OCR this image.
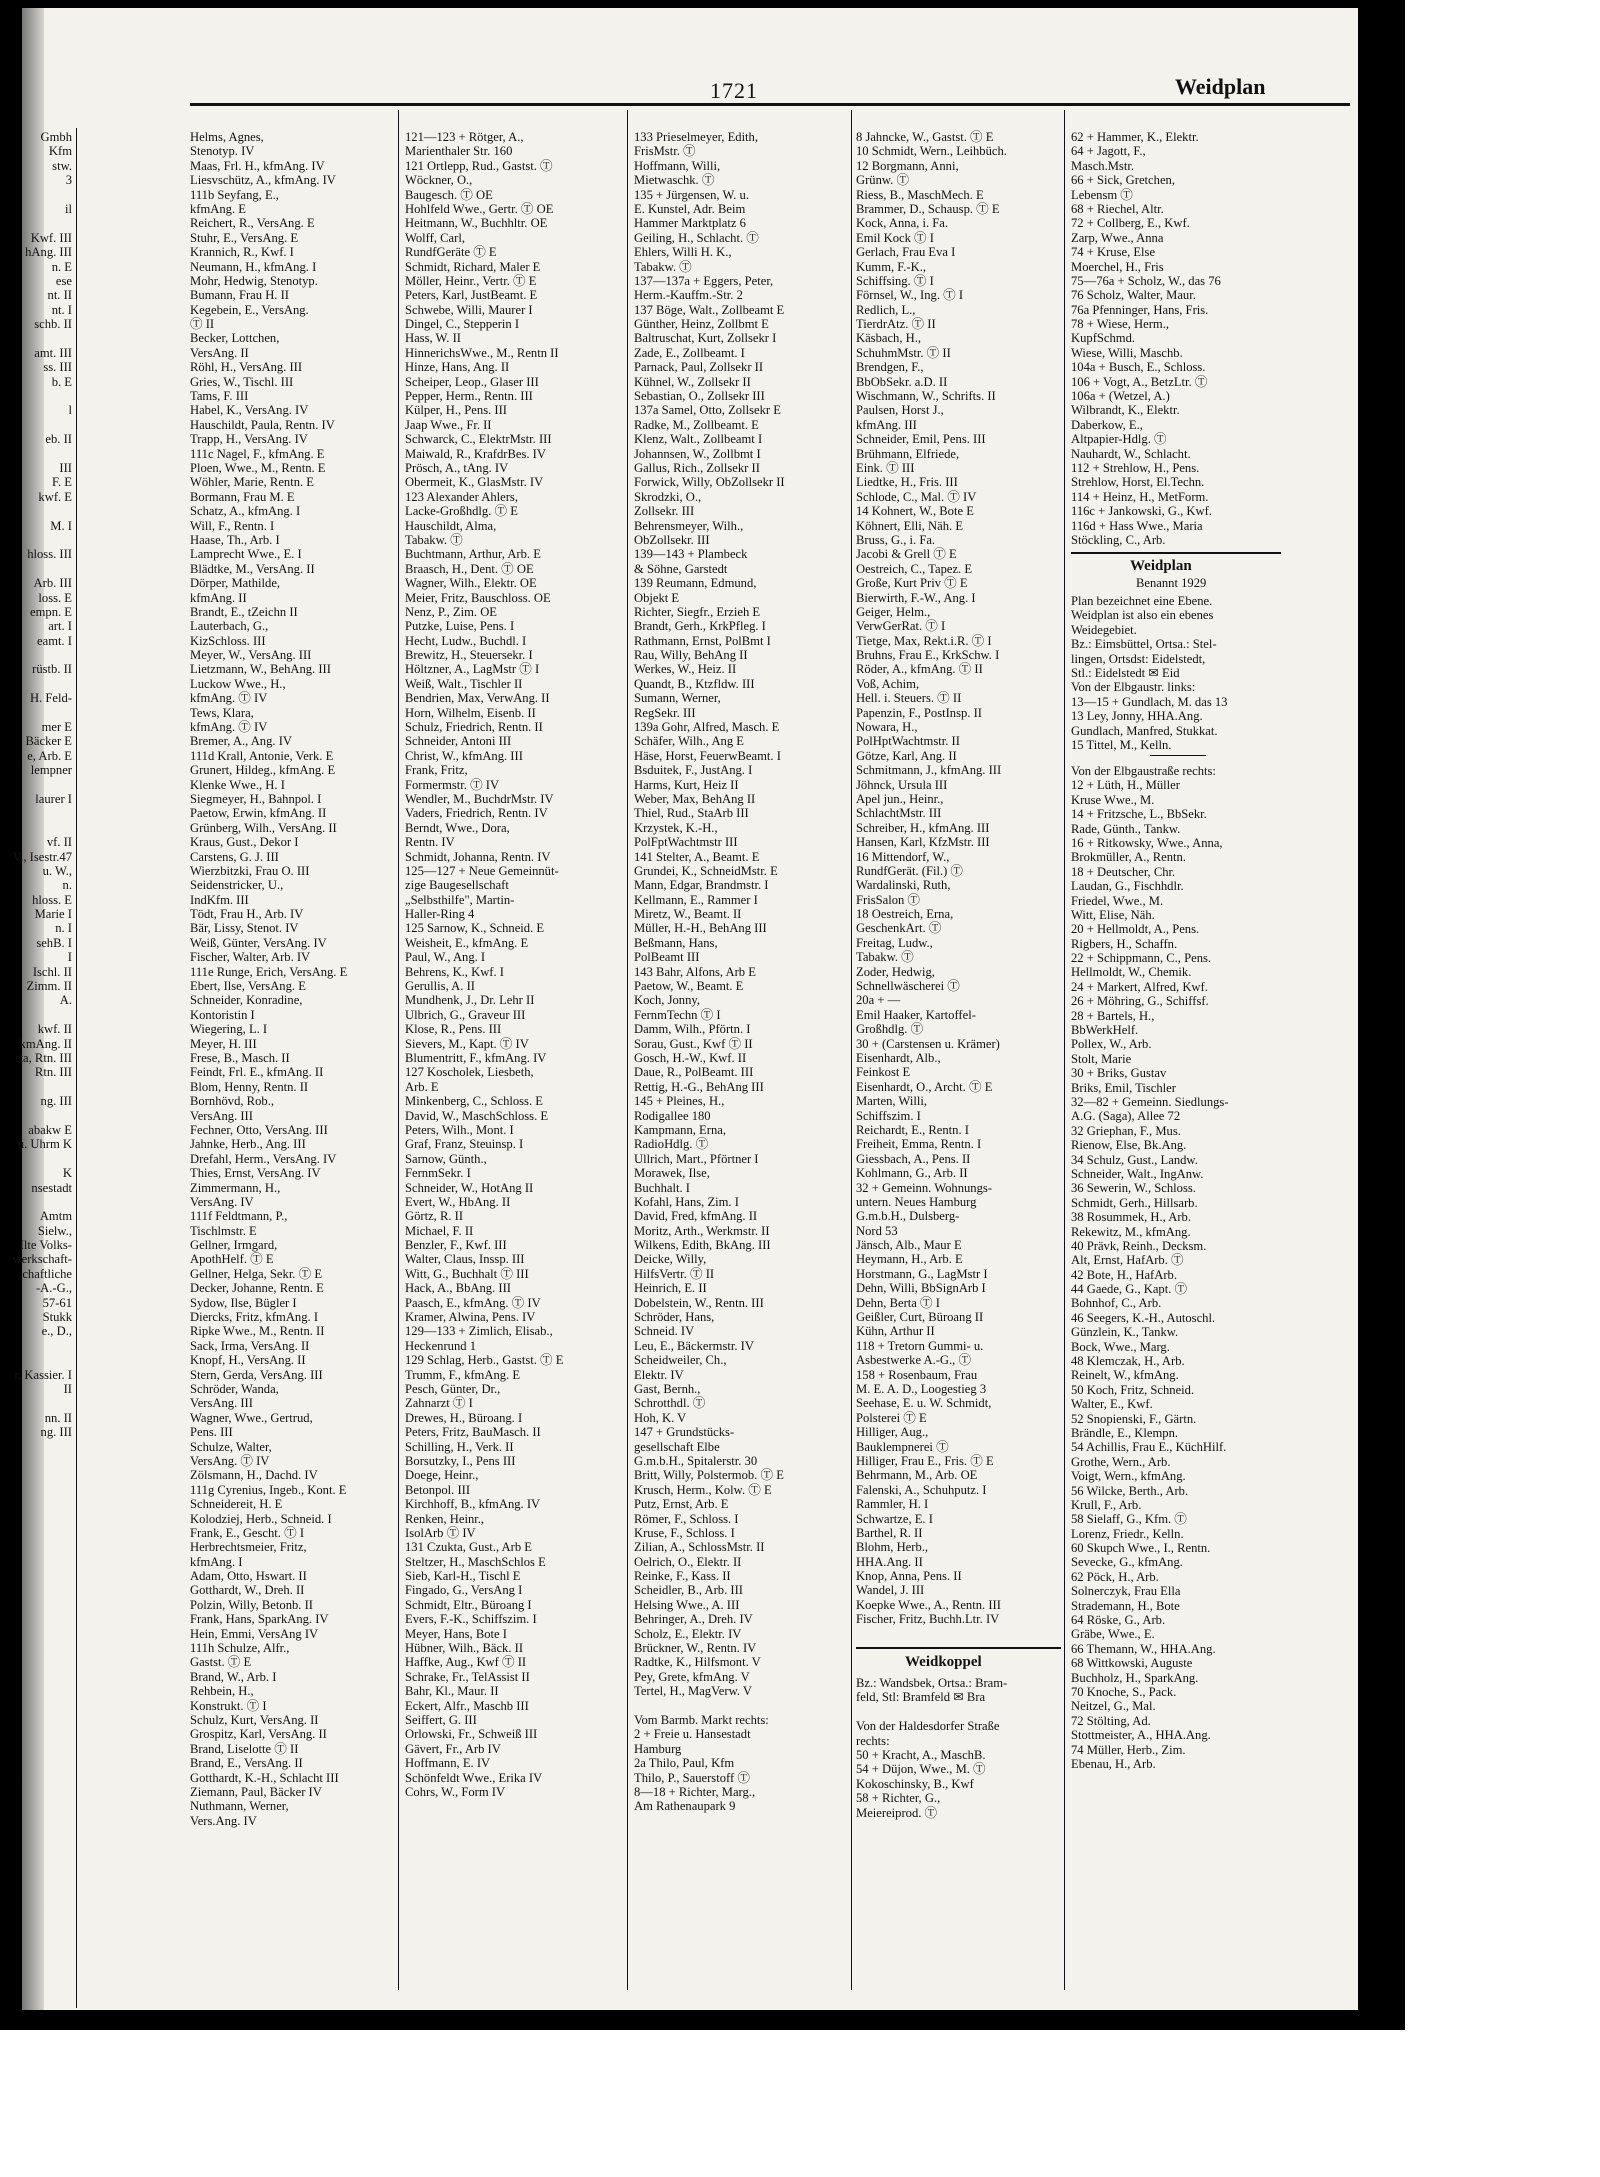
1721	Weidplan
Gmbh
Kfm
stw.
3
il
Kwf. III
hAng. III
n. E
ese
nt. II
nt. I
schb. II
amt. III
ss. III
b. E
l
eb. II
III
F. E
kwf. E
M. I
hloss. III
Arb. III
loss. E
empn. E
art. I
eamt. I
rüstb. II
H. Feld-
mer E
Bäcker E
e, Arb. E
lempner
laurer I
vf. II
V., Isestr.47
u. W.,
n.
hloss. E
Marie I
n. I
sehB. I
I
Ischl. II
Zimm. II
A.
kwf. II
kmAng. II
rta, Rtn. III
Rtn. III
ng. III
abakw E
u. Uhrm K
K
nsestadt
Amtm
Sielw.,
Ilte Volks-
werkschaft-
chaftliche
-A.-G.,
57-61
Stukk
e., D.,
r, Kassier. I
II
nn. II
ng. III
Helms, Agnes,
Stenotyp. IV
Maas, Frl. H., kfmAng. IV
Liesvschütz, A., kfmAng. IV
111b Seyfang, E.,
kfmAng. E
Reichert, R., VersAng. E
Stuhr, E., VersAng. E
Krannich, R., Kwf. I
Neumann, H., kfmAng. I
Mohr, Hedwig, Stenotyp.
Bumann, Frau H. II
Kegebein, E., VersAng.
Ⓣ II
Becker, Lottchen,
VersAng. II
Röhl, H., VersAng. III
Gries, W., Tischl. III
Tams, F. III
Habel, K., VersAng. IV
Hauschildt, Paula, Rentn. IV
Trapp, H., VersAng. IV
111c Nagel, F., kfmAng. E
Ploen, Wwe., M., Rentn. E
Wöhler, Marie, Rentn. E
Bormann, Frau M. E
Schatz, A., kfmAng. I
Will, F., Rentn. I
Haase, Th., Arb. I
Lamprecht Wwe., E. I
Blädtke, M., VersAng. II
Dörper, Mathilde,
kfmAng. II
Brandt, E., tZeichn II
Lauterbach, G.,
KizSchloss. III
Meyer, W., VersAng. III
Lietzmann, W., BehAng. III
Luckow Wwe., H.,
kfmAng. Ⓣ IV
Tews, Klara,
kfmAng. Ⓣ IV
Bremer, A., Ang. IV
111d Krall, Antonie, Verk. E
Grunert, Hildeg., kfmAng. E
Klenke Wwe., H. I
Siegmeyer, H., Bahnpol. I
Paetow, Erwin, kfmAng. II
Grünberg, Wilh., VersAng. II
Kraus, Gust., Dekor I
Carstens, G. J. III
Wierzbitzki, Frau O. III
Seidenstricker, U.,
IndKfm. III
Tödt, Frau H., Arb. IV
Bär, Lissy, Stenot. IV
Weiß, Günter, VersAng. IV
Fischer, Walter, Arb. IV
111e Runge, Erich, VersAng. E
Ebert, Ilse, VersAng. E
Schneider, Konradine,
Kontoristin I
Wiegering, L. I
Meyer, H. III
Frese, B., Masch. II
Feindt, Frl. E., kfmAng. II
Blom, Henny, Rentn. II
Bornhövd, Rob.,
VersAng. III
Fechner, Otto, VersAng. III
Jahnke, Herb., Ang. III
Drefahl, Herm., VersAng. IV
Thies, Ernst, VersAng. IV
Zimmermann, H.,
VersAng. IV
111f Feldtmann, P.,
Tischlmstr. E
Gellner, Irmgard,
ApothHelf. Ⓣ E
Gellner, Helga, Sekr. Ⓣ E
Decker, Johanne, Rentn. E
Sydow, Ilse, Bügler I
Diercks, Fritz, kfmAng. I
Ripke Wwe., M., Rentn. II
Sack, Irma, VersAng. II
Knopf, H., VersAng. II
Stern, Gerda, VersAng. III
Schröder, Wanda,
VersAng. III
Wagner, Wwe., Gertrud,
Pens. III
Schulze, Walter,
VersAng. Ⓣ IV
Zölsmann, H., Dachd. IV
111g Cyrenius, Ingeb., Kont. E
Schneidereit, H. E
Kolodziej, Herb., Schneid. I
Frank, E., Gescht. Ⓣ I
Herbrechtsmeier, Fritz,
kfmAng. I
Adam, Otto, Hswart. II
Gotthardt, W., Dreh. II
Polzin, Willy, Betonb. II
Frank, Hans, SparkAng. IV
Hein, Emmi, VersAng IV
111h Schulze, Alfr.,
Gastst. Ⓣ E
Brand, W., Arb. I
Rehbein, H.,
Konstrukt. Ⓣ I
Schulz, Kurt, VersAng. II
Grospitz, Karl, VersAng. II
Brand, Liselotte Ⓣ II
Brand, E., VersAng. II
Gotthardt, K.-H., Schlacht III
Ziemann, Paul, Bäcker IV
Nuthmann, Werner,
Vers.Ang. IV
121—123 + Rötger, A.,
Marienthaler Str. 160
121 Ortlepp, Rud., Gastst. Ⓣ
Wöckner, O.,
Baugesch. Ⓣ OE
Hohlfeld Wwe., Gertr. Ⓣ OE
Heitmann, W., Buchhltr. OE
Wolff, Carl,
RundfGeräte Ⓣ E
Schmidt, Richard, Maler E
Möller, Heinr., Vertr. Ⓣ E
Peters, Karl, JustBeamt. E
Schwebe, Willi, Maurer I
Dingel, C., Stepperin I
Hass, W. II
HinnerichsWwe., M., Rentn II
Hinze, Hans, Ang. II
Scheiper, Leop., Glaser III
Pepper, Herm., Rentn. III
Külper, H., Pens. III
Jaap Wwe., Fr. II
Schwarck, C., ElektrMstr. III
Maiwald, R., KrafdrBes. IV
Prösch, A., tAng. IV
Obermeit, K., GlasMstr. IV
123 Alexander Ahlers,
Lacke-Großhdlg. Ⓣ E
Hauschildt, Alma,
Tabakw. Ⓣ
Buchtmann, Arthur, Arb. E
Braasch, H., Dent. Ⓣ OE
Wagner, Wilh., Elektr. OE
Meier, Fritz, Bauschloss. OE
Nenz, P., Zim. OE
Putzke, Luise, Pens. I
Hecht, Ludw., Buchdl. I
Brewitz, H., Steuersekr. I
Höltzner, A., LagMstr Ⓣ I
Weiß, Walt., Tischler II
Bendrien, Max, VerwAng. II
Horn, Wilhelm, Eisenb. II
Schulz, Friedrich, Rentn. II
Schneider, Antoni III
Christ, W., kfmAng. III
Frank, Fritz,
Formermstr. Ⓣ IV
Wendler, M., BuchdrMstr. IV
Vaders, Friedrich, Rentn. IV
Berndt, Wwe., Dora,
Rentn. IV
Schmidt, Johanna, Rentn. IV
125—127 + Neue Gemeinnüt-
zige Baugesellschaft
„Selbsthilfe", Martin-
Haller-Ring 4
125 Sarnow, K., Schneid. E
Weisheit, E., kfmAng. E
Paul, W., Ang. I
Behrens, K., Kwf. I
Gerullis, A. II
Mundhenk, J., Dr. Lehr II
Ulbrich, G., Graveur III
Klose, R., Pens. III
Sievers, M., Kapt. Ⓣ IV
Blumentritt, F., kfmAng. IV
127 Koscholek, Liesbeth,
Arb. E
Minkenberg, C., Schloss. E
David, W., MaschSchloss. E
Peters, Wilh., Mont. I
Graf, Franz, Steuinsp. I
Sarnow, Günth.,
FernmSekr. I
Schneider, W., HotAng II
Evert, W., HbAng. II
Görtz, R. II
Michael, F. II
Benzler, F., Kwf. III
Walter, Claus, Inssp. III
Witt, G., Buchhalt Ⓣ III
Hack, A., BbAng. III
Paasch, E., kfmAng. Ⓣ IV
Kramer, Alwina, Pens. IV
129—133 + Zimlich, Elisab.,
Heckenrund 1
129 Schlag, Herb., Gastst. Ⓣ E
Trumm, F., kfmAng. E
Pesch, Günter, Dr.,
Zahnarzt Ⓣ I
Drewes, H., Büroang. I
Peters, Fritz, BauMasch. II
Schilling, H., Verk. II
Borsutzky, I., Pens III
Doege, Heinr.,
Betonpol. III
Kirchhoff, B., kfmAng. IV
Renken, Heinr.,
IsolArb Ⓣ IV
131 Czukta, Gust., Arb E
Steltzer, H., MaschSchlos E
Sieb, Karl-H., Tischl E
Fingado, G., VersAng I
Schmidt, Eltr., Büroang I
Evers, F.-K., Schiffszim. I
Meyer, Hans, Bote I
Hübner, Wilh., Bäck. II
Haffke, Aug., Kwf Ⓣ II
Schrake, Fr., TelAssist II
Bahr, Kl., Maur. II
Eckert, Alfr., Maschb III
Seiffert, G. III
Orlowski, Fr., Schweiß III
Gävert, Fr., Arb IV
Hoffmann, E. IV
Schönfeldt Wwe., Erika IV
Cohrs, W., Form IV
133 Prieselmeyer, Edith,
FrisMstr. Ⓣ
Hoffmann, Willi,
Mietwaschk. Ⓣ
135 + Jürgensen, W. u.
E. Kunstel, Adr. Beim
Hammer Marktplatz 6
Geiling, H., Schlacht. Ⓣ
Ehlers, Willi H. K.,
Tabakw. Ⓣ
137—137a + Eggers, Peter,
Herm.-Kauffm.-Str. 2
137 Böge, Walt., Zollbeamt E
Günther, Heinz, Zollbmt E
Baltruschat, Kurt, Zollsekr I
Zade, E., Zollbeamt. I
Parnack, Paul, Zollsekr II
Kühnel, W., Zollsekr II
Sebastian, O., Zollsekr III
137a Samel, Otto, Zollsekr E
Radke, M., Zollbeamt. E
Klenz, Walt., Zollbeamt I
Johannsen, W., Zollbmt I
Gallus, Rich., Zollsekr II
Forwick, Willy, ObZollsekr II
Skrodzki, O.,
Zollsekr. III
Behrensmeyer, Wilh.,
ObZollsekr. III
139—143 + Plambeck
& Söhne, Garstedt
139 Reumann, Edmund,
Objekt E
Richter, Siegfr., Erzieh E
Brandt, Gerh., KrkPfleg. I
Rathmann, Ernst, PolBmt I
Rau, Willy, BehAng II
Werkes, W., Heiz. II
Quandt, B., Ktzfldw. III
Sumann, Werner,
RegSekr. III
139a Gohr, Alfred, Masch. E
Schäfer, Wilh., Ang E
Häse, Horst, FeuerwBeamt. I
Bsduitek, F., JustAng. I
Harms, Kurt, Heiz II
Weber, Max, BehAng II
Thiel, Rud., StaArb III
Krzystek, K.-H.,
PolFptWachtmstr III
141 Stelter, A., Beamt. E
Grundei, K., SchneidMstr. E
Mann, Edgar, Brandmstr. I
Kellmann, E., Rammer I
Miretz, W., Beamt. II
Müller, H.-H., BehAng III
Beßmann, Hans,
PolBeamt III
143 Bahr, Alfons, Arb E
Paetow, W., Beamt. E
Koch, Jonny,
FernmTechn Ⓣ I
Damm, Wilh., Pförtn. I
Sorau, Gust., Kwf Ⓣ II
Gosch, H.-W., Kwf. II
Daue, R., PolBeamt. III
Rettig, H.-G., BehAng III
145 + Pleines, H.,
Rodigallee 180
Kampmann, Erna,
RadioHdlg. Ⓣ
Ullrich, Mart., Pförtner I
Morawek, Ilse,
Buchhalt. I
Kofahl, Hans, Zim. I
David, Fred, kfmAng. II
Moritz, Arth., Werkmstr. II
Wilkens, Edith, BkAng. III
Deicke, Willy,
HilfsVertr. Ⓣ II
Heinrich, E. II
Dobelstein, W., Rentn. III
Schröder, Hans,
Schneid. IV
Leu, E., Bäckermstr. IV
Scheidweiler, Ch.,
Elektr. IV
Gast, Bernh.,
Schrotthdl. Ⓣ
Hoh, K. V
147 + Grundstücks-
gesellschaft Elbe
G.m.b.H., Spitalerstr. 30
Britt, Willy, Polstermob. Ⓣ E
Krusch, Herm., Kolw. Ⓣ E
Putz, Ernst, Arb. E
Römer, F., Schloss. I
Kruse, F., Schloss. I
Zilian, A., SchlossMstr. II
Oelrich, O., Elektr. II
Reinke, F., Kass. II
Scheidler, B., Arb. III
Helsing Wwe., A. III
Behringer, A., Dreh. IV
Scholz, E., Elektr. IV
Brückner, W., Rentn. IV
Radtke, K., Hilfsmont. V
Pey, Grete, kfmAng. V
Tertel, H., MagVerw. V
Vom Barmb. Markt rechts:
2 + Freie u. Hansestadt
Hamburg
2a Thilo, Paul, Kfm
Thilo, P., Sauerstoff Ⓣ
8—18 + Richter, Marg.,
Am Rathenaupark 9
8 Jahncke, W., Gastst. Ⓣ E
10 Schmidt, Wern., Leihbüch.
12 Borgmann, Anni,
Grünw. Ⓣ
Riess, B., MaschMech. E
Brammer, D., Schausp. Ⓣ E
Kock, Anna, i. Fa.
Emil Kock Ⓣ I
Gerlach, Frau Eva I
Kumm, F.-K.,
Schiffsing. Ⓣ I
Förnsel, W., Ing. Ⓣ I
Redlich, L.,
TierdrAtz. Ⓣ II
Käsbach, H.,
SchuhmMstr. Ⓣ II
Brendgen, F.,
BbObSekr. a.D. II
Wischmann, W., Schrifts. II
Paulsen, Horst J.,
kfmAng. III
Schneider, Emil, Pens. III
Brühmann, Elfriede,
Eink. Ⓣ III
Liedtke, H., Fris. III
Schlode, C., Mal. Ⓣ IV
14 Kohnert, W., Bote E
Köhnert, Elli, Näh. E
Bruss, G., i. Fa.
Jacobi & Grell Ⓣ E
Oestreich, C., Tapez. E
Große, Kurt Priv Ⓣ E
Bierwirth, F.-W., Ang. I
Geiger, Helm.,
VerwGerRat. Ⓣ I
Tietge, Max, Rekt.i.R. Ⓣ I
Bruhns, Frau E., KrkSchw. I
Röder, A., kfmAng. Ⓣ II
Voß, Achim,
Hell. i. Steuers. Ⓣ II
Papenzin, F., PostInsp. II
Nowara, H.,
PolHptWachtmstr. II
Götze, Karl, Ang. II
Schmitmann, J., kfmAng. III
Jöhnck, Ursula III
Apel jun., Heinr.,
SchlachtMstr. III
Schreiber, H., kfmAng. III
Hansen, Karl, KfzMstr. III
16 Mittendorf, W.,
RundfGerät. (Fil.) Ⓣ
Wardalinski, Ruth,
FrisSalon Ⓣ
18 Oestreich, Erna,
GeschenkArt. Ⓣ
Freitag, Ludw.,
Tabakw. Ⓣ
Zoder, Hedwig,
Schnellwäscherei Ⓣ
20a + —
Emil Haaker, Kartoffel-
Großhdlg. Ⓣ
30 + (Carstensen u. Krämer)
Eisenhardt, Alb.,
Feinkost E
Eisenhardt, O., Archt. Ⓣ E
Marten, Willi,
Schiffszim. I
Reichardt, E., Rentn. I
Freiheit, Emma, Rentn. I
Giessbach, A., Pens. II
Kohlmann, G., Arb. II
32 + Gemeinn. Wohnungs-
untern. Neues Hamburg
G.m.b.H., Dulsberg-
Nord 53
Jänsch, Alb., Maur E
Heymann, H., Arb. E
Horstmann, G., LagMstr I
Dehn, Willi, BbSignArb I
Dehn, Berta Ⓣ I
Geißler, Curt, Büroang II
Kühn, Arthur II
118 + Tretorn Gummi- u.
Asbestwerke A.-G., Ⓣ
158 + Rosenbaum, Frau
M. E. A. D., Loogestieg 3
Seehase, E. u. W. Schmidt,
Polsterei Ⓣ E
Hilliger, Aug.,
Bauklempnerei Ⓣ
Hilliger, Frau E., Fris. Ⓣ E
Behrmann, M., Arb. OE
Falenski, A., Schuhputz. I
Rammler, H. I
Schwartze, E. I
Barthel, R. II
Blohm, Herb.,
HHA.Ang. II
Knop, Anna, Pens. II
Wandel, J. III
Koepke Wwe., A., Rentn. III
Fischer, Fritz, Buchh.Ltr. IV
62 + Hammer, K., Elektr.
64 + Jagott, F.,
Masch.Mstr.
66 + Sick, Gretchen,
Lebensm Ⓣ
68 + Riechel, Altr.
72 + Collberg, E., Kwf.
Zarp, Wwe., Anna
74 + Kruse, Else
Moerchel, H., Fris
75—76a + Scholz, W., das 76
76 Scholz, Walter, Maur.
76a Pfenninger, Hans, Fris.
78 + Wiese, Herm.,
KupfSchmd.
Wiese, Willi, Maschb.
104a + Busch, E., Schloss.
106 + Vogt, A., BetzLtr. Ⓣ
106a + (Wetzel, A.)
Wilbrandt, K., Elektr.
Daberkow, E.,
Altpapier-Hdlg. Ⓣ
Nauhardt, W., Schlacht.
112 + Strehlow, H., Pens.
Strehlow, Horst, El.Techn.
114 + Heinz, H., MetForm.
116c + Jankowski, G., Kwf.
116d + Hass Wwe., Maria
Stöckling, C., Arb.
Weidplan
Benannt 1929
Plan bezeichnet eine Ebene.
Weidplan ist also ein ebenes
Weidegebiet.
Bz.: Eimsbüttel, Ortsa.: Stel-
lingen, Ortsdst: Eidelstedt,
Stl.: Eidelstedt ✉ Eid
Von der Elbgaustr. links:
13—15 + Gundlach, M. das 13
13 Ley, Jonny, HHA.Ang.
Gundlach, Manfred, Stukkat.
15 Tittel, M., Kelln.
Von der Elbgaustraße rechts:
12 + Lüth, H., Müller
Kruse Wwe., M.
14 + Fritzsche, L., BbSekr.
Rade, Günth., Tankw.
16 + Ritkowsky, Wwe., Anna,
Brokmüller, A., Rentn.
18 + Deutscher, Chr.
Laudan, G., Fischhdlr.
Friedel, Wwe., M.
Witt, Elise, Näh.
20 + Hellmoldt, A., Pens.
Rigbers, H., Schaffn.
22 + Schippmann, C., Pens.
Hellmoldt, W., Chemik.
24 + Markert, Alfred, Kwf.
26 + Möhring, G., Schiffsf.
28 + Bartels, H.,
BbWerkHelf.
Pollex, W., Arb.
Stolt, Marie
30 + Briks, Gustav
Briks, Emil, Tischler
32—82 + Gemeinn. Siedlungs-
A.G. (Saga), Allee 72
32 Griephan, F., Mus.
Rienow, Else, Bk.Ang.
34 Schulz, Gust., Landw.
Schneider, Walt., IngAnw.
36 Sewerin, W., Schloss.
Schmidt, Gerh., Hillsarb.
38 Rosummek, H., Arb.
Rekewitz, M., kfmAng.
40 Prävk, Reinh., Decksm.
Alt, Ernst, HafArb. Ⓣ
42 Bote, H., HafArb.
44 Gaede, G., Kapt. Ⓣ
Bohnhof, C., Arb.
46 Seegers, K.-H., Autoschl.
Günzlein, K., Tankw.
Bock, Wwe., Marg.
48 Klemczak, H., Arb.
Reinelt, W., kfmAng.
50 Koch, Fritz, Schneid.
Walter, E., Kwf.
52 Snopienski, F., Gärtn.
Brändle, E., Klempn.
54 Achillis, Frau E., KüchHilf.
Grothe, Wern., Arb.
Voigt, Wern., kfmAng.
56 Wilcke, Berth., Arb.
Krull, F., Arb.
58 Sielaff, G., Kfm. Ⓣ
Lorenz, Friedr., Kelln.
60 Skupch Wwe., I., Rentn.
Sevecke, G., kfmAng.
62 Pöck, H., Arb.
Solnerczyk, Frau Ella
Strademann, H., Bote
64 Röske, G., Arb.
Gräbe, Wwe., E.
66 Themann, W., HHA.Ang.
68 Wittkowski, Auguste
Buchholz, H., SparkAng.
70 Knoche, S., Pack.
Neitzel, G., Mal.
72 Stölting, Ad.
Stottmeister, A., HHA.Ang.
74 Müller, Herb., Zim.
Ebenau, H., Arb.
Weidkoppel
Bz.: Wandsbek, Ortsa.: Bram-
feld, Stl: Bramfeld ✉ Bra
Von der Haldesdorfer Straße
rechts:
50 + Kracht, A., MaschB.
54 + Düjon, Wwe., M. Ⓣ
Kokoschinsky, B., Kwf
58 + Richter, G.,
Meiereiprod. Ⓣ
